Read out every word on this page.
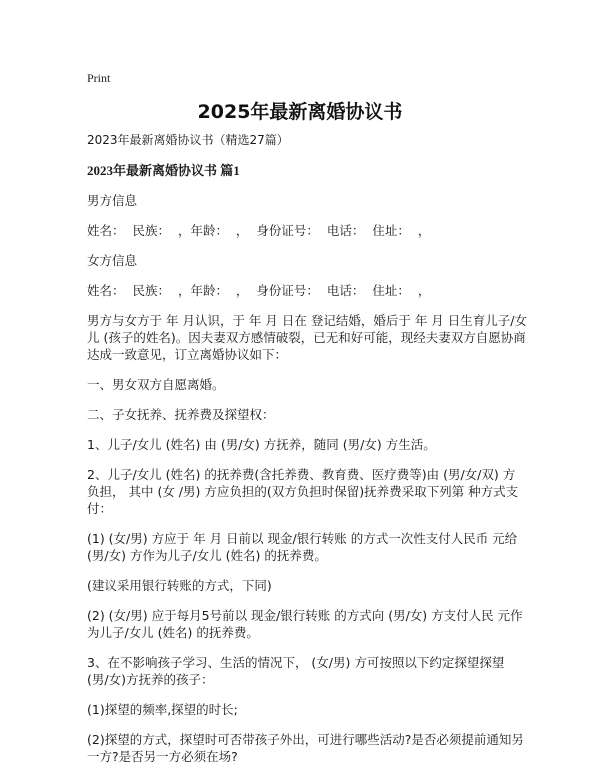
Print
2025年最新离婚协议书

2023年最新离婚协议书（精选27篇）

2023年最新离婚协议书 篇1

男方信息

姓名： 民族： ，年龄： ， 身份证号： 电话： 住址： ，

女方信息

姓名： 民族： ，年龄： ， 身份证号： 电话： 住址： ，

男方与女方于 年 月认识，于 年 月 日在 登记结婚，婚后于 年 月 日生育儿子/女儿 (孩子的姓名)。因夫妻双方感情破裂，已无和好可能，现经夫妻双方自愿协商达成一致意见，订立离婚协议如下：

一、男女双方自愿离婚。

二、子女抚养、抚养费及探望权：

1、儿子/女儿 (姓名) 由 (男/女) 方抚养，随同 (男/女) 方生活。

2、儿子/女儿 (姓名) 的抚养费(含托养费、教育费、医疗费等)由 (男/女/双) 方负担， 其中 (女 /男) 方应负担的(双方负担时保留)抚养费采取下列第 种方式支付：

(1) (女/男) 方应于 年 月 日前以 现金/银行转账 的方式一次性支付人民币 元给 (男/女) 方作为儿子/女儿 (姓名) 的抚养费。

(建议采用银行转账的方式，下同)

(2) (女/男) 应于每月5号前以 现金/银行转账 的方式向 (男/女) 方支付人民 元作为儿子/女儿 (姓名) 的抚养费。

3、在不影响孩子学习、生活的情况下， (女/男) 方可按照以下约定探望探望 (男/女)方抚养的孩子：

(1)探望的频率,探望的时长;

(2)探望的方式，探望时可否带孩子外出，可进行哪些活动?是否必须提前通知另一方?是否另一方必须在场?
